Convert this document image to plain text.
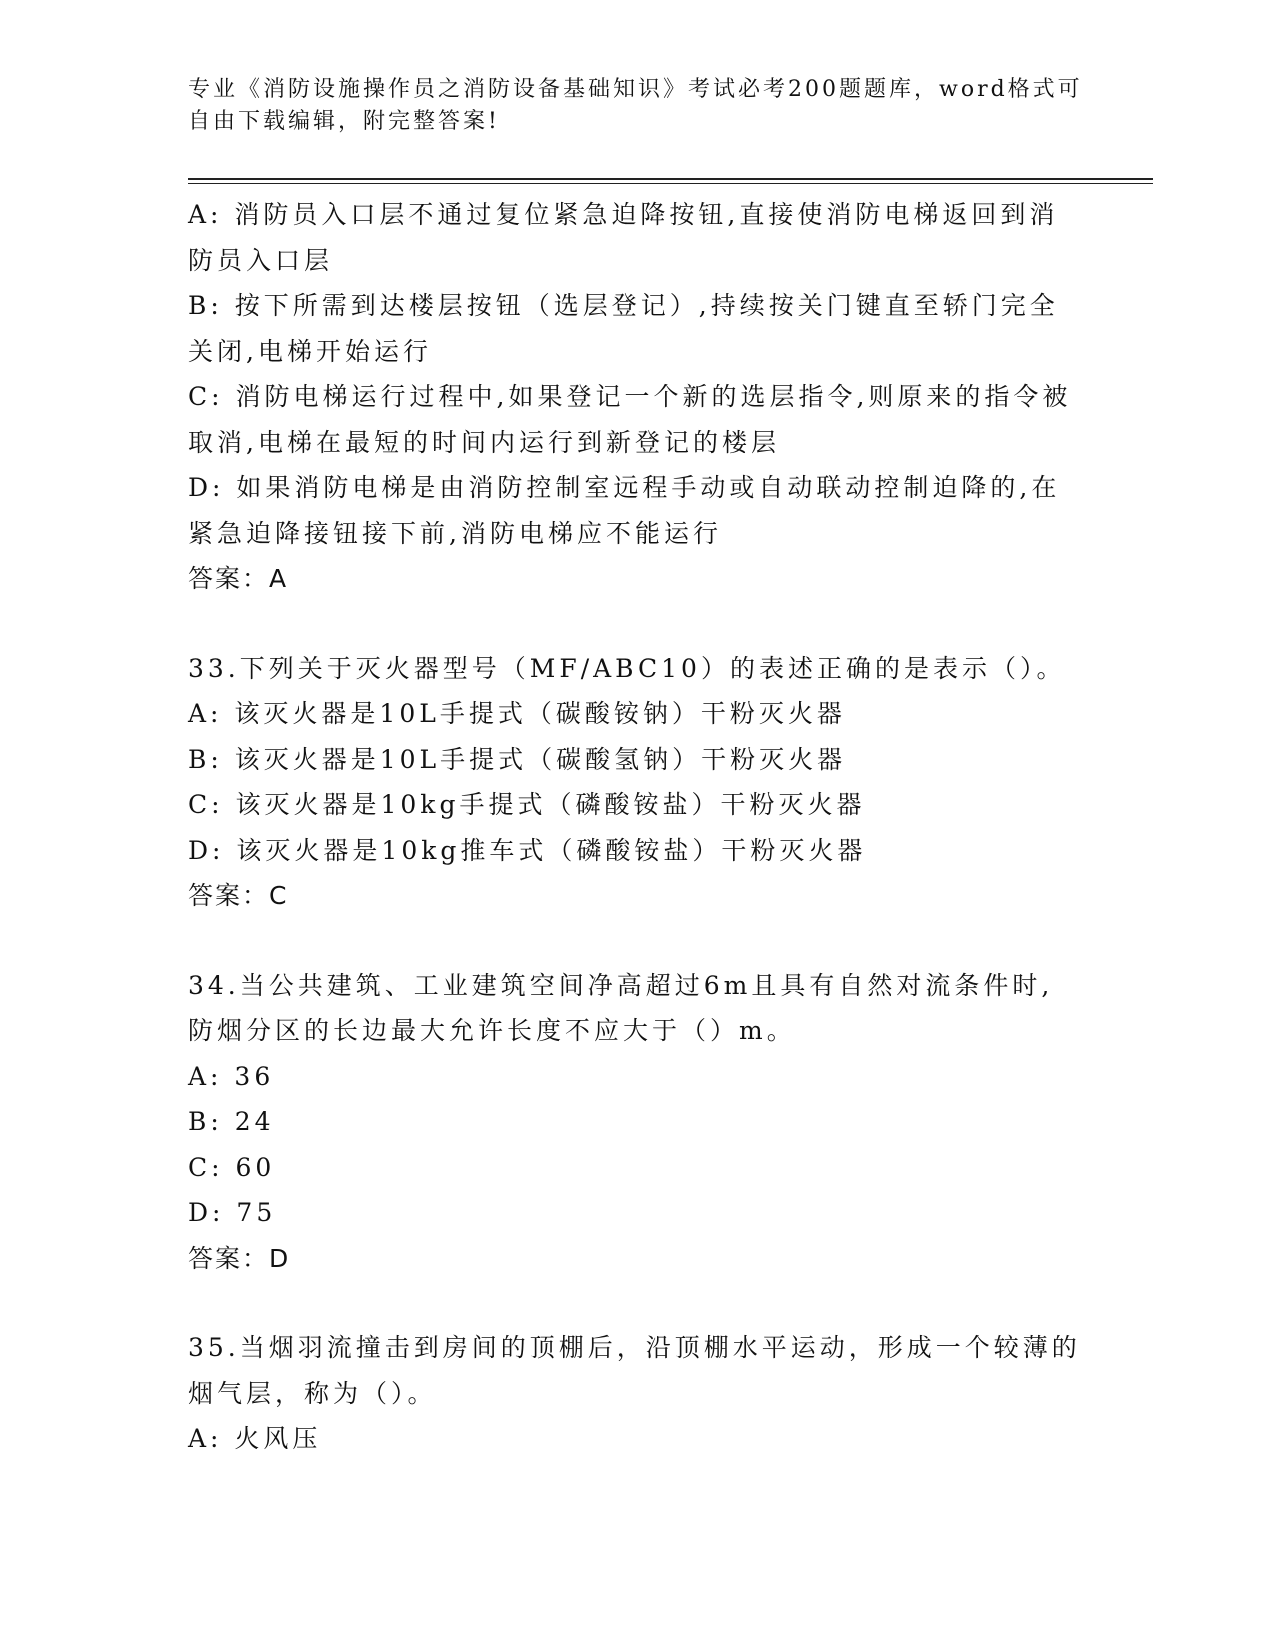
专业《消防设施操作员之消防设备基础知识》考试必考200题题库，word格式可
自由下载编辑，附完整答案!
A: 消防员入口层不通过复位紧急迫降按钮,直接使消防电梯返回到消
防员入口层
B: 按下所需到达楼层按钮（选层登记）,持续按关门键直至轿门完全
关闭,电梯开始运行
C: 消防电梯运行过程中,如果登记一个新的选层指令,则原来的指令被
取消,电梯在最短的时间内运行到新登记的楼层
D: 如果消防电梯是由消防控制室远程手动或自动联动控制迫降的,在
紧急迫降接钮接下前,消防电梯应不能运行
答案：A
33.下列关于灭火器型号（MF/ABC10）的表述正确的是表示（）。
A: 该灭火器是10L手提式（碳酸铵钠）干粉灭火器
B: 该灭火器是10L手提式（碳酸氢钠）干粉灭火器
C: 该灭火器是10kg手提式（磷酸铵盐）干粉灭火器
D: 该灭火器是10kg推车式（磷酸铵盐）干粉灭火器
答案：C
34.当公共建筑、工业建筑空间净高超过6m且具有自然对流条件时,
防烟分区的长边最大允许长度不应大于（）m。
A: 36
B: 24
C: 60
D: 75
答案：D
35.当烟羽流撞击到房间的顶棚后，沿顶棚水平运动，形成一个较薄的
烟气层，称为（）。
A: 火风压
